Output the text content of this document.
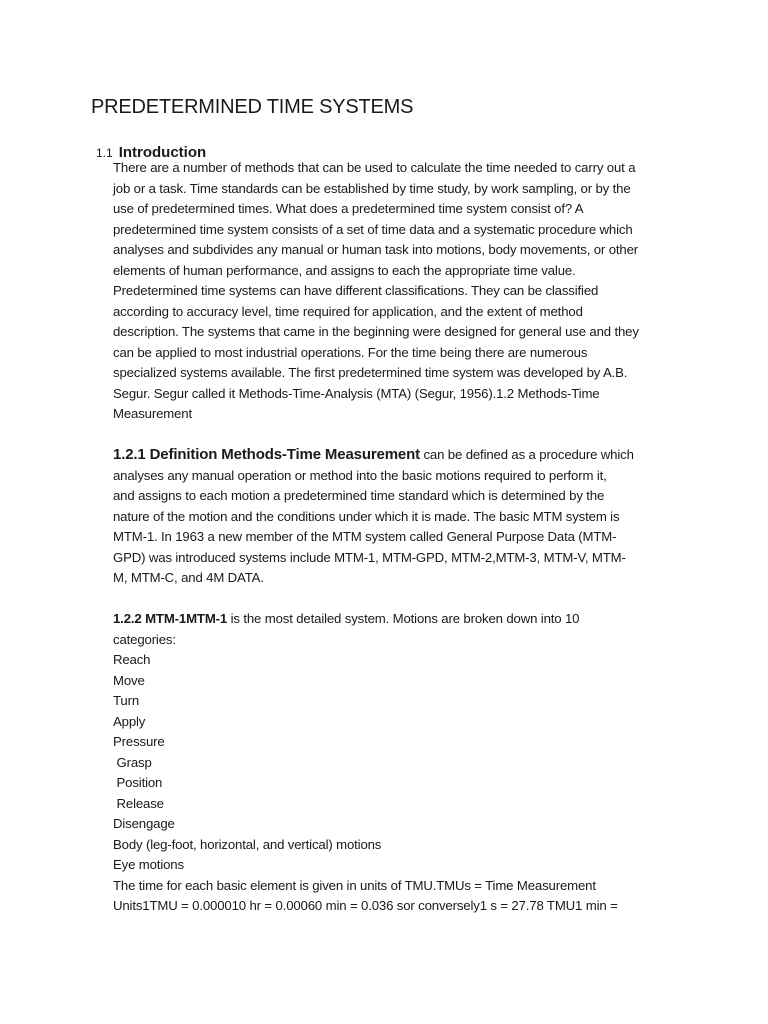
PREDETERMINED TIME SYSTEMS
1.1 Introduction
There are a number of methods that can be used to calculate the time needed to carry out a
job or a task. Time standards can be established by time study, by work sampling, or by the
use of predetermined times. What does a predetermined time system consist of? A
predetermined time system consists of a set of time data and a systematic procedure which
analyses and subdivides any manual or human task into motions, body movements, or other
elements of human performance, and assigns to each the appropriate time value.
Predetermined time systems can have different classifications. They can be classified
according to accuracy level, time required for application, and the extent of method
description. The systems that came in the beginning were designed for general use and they
can be applied to most industrial operations. For the time being there are numerous
specialized systems available. The first predetermined time system was developed by A.B.
Segur. Segur called it Methods-Time-Analysis (MTA) (Segur, 1956).1.2 Methods-Time
Measurement
1.2.1 Definition Methods-Time Measurement can be defined as a procedure which
analyses any manual operation or method into the basic motions required to perform it,
and assigns to each motion a predetermined time standard which is determined by the
nature of the motion and the conditions under which it is made. The basic MTM system is
MTM-1. In 1963 a new member of the MTM system called General Purpose Data (MTM-
GPD) was introduced systems include MTM-1, MTM-GPD, MTM-2,MTM-3, MTM-V, MTM-
M, MTM-C, and 4M DATA.
1.2.2 MTM-1MTM-1 is the most detailed system. Motions are broken down into 10
categories:
Reach
Move
Turn
Apply
Pressure
Grasp
Position
Release
Disengage
Body (leg-foot, horizontal, and vertical) motions
Eye motions
The time for each basic element is given in units of TMU.TMUs = Time Measurement
Units1TMU = 0.000010 hr = 0.00060 min = 0.036 sor conversely1 s = 27.78 TMU1 min =
